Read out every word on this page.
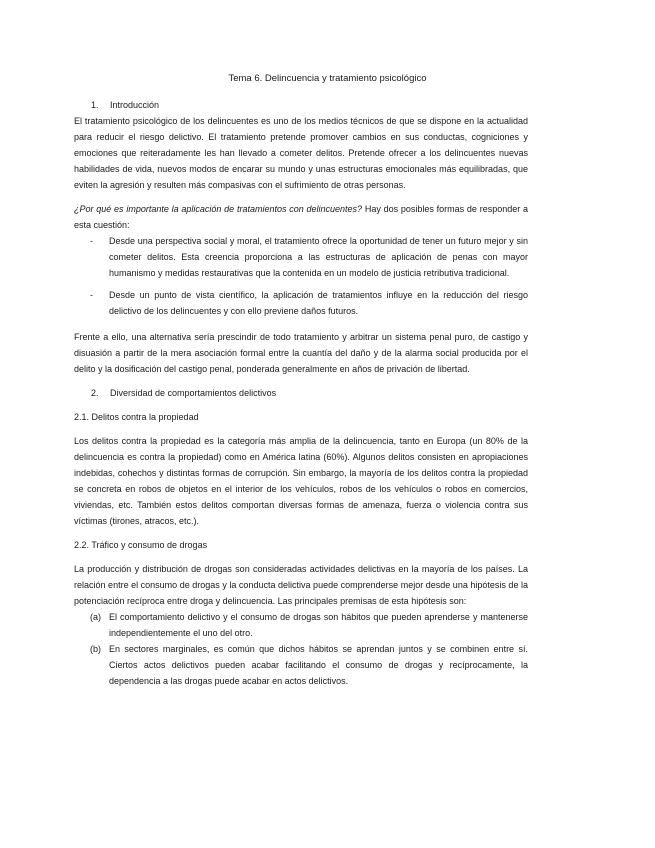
Tema 6. Delincuencia y tratamiento psicológico

1. Introducción

El tratamiento psicológico de los delincuentes es uno de los medios técnicos de que se dispone en la actualidad para reducir el riesgo delictivo. El tratamiento pretende promover cambios en sus conductas, cogniciones y emociones que reiteradamente les han llevado a cometer delitos. Pretende ofrecer a los delincuentes nuevas habilidades de vida, nuevos modos de encarar su mundo y unas estructuras emocionales más equilibradas, que eviten la agresión y resulten más compasivas con el sufrimiento de otras personas.

¿Por qué es importante la aplicación de tratamientos con delincuentes? Hay dos posibles formas de responder a esta cuestión:

- Desde una perspectiva social y moral, el tratamiento ofrece la oportunidad de tener un futuro mejor y sin cometer delitos. Esta creencia proporciona a las estructuras de aplicación de penas con mayor humanismo y medidas restaurativas que la contenida en un modelo de justicia retributiva tradicional.
- Desde un punto de vista científico, la aplicación de tratamientos influye en la reducción del riesgo delictivo de los delincuentes y con ello previene daños futuros.

Frente a ello, una alternativa sería prescindir de todo tratamiento y arbitrar un sistema penal puro, de castigo y disuasión a partir de la mera asociación formal entre la cuantía del daño y de la alarma social producida por el delito y la dosificación del castigo penal, ponderada generalmente en años de privación de libertad.

2. Diversidad de comportamientos delictivos

2.1. Delitos contra la propiedad

Los delitos contra la propiedad es la categoría más amplia de la delincuencia, tanto en Europa (un 80% de la delincuencia es contra la propiedad) como en América latina (60%). Algunos delitos consisten en apropiaciones indebidas, cohechos y distintas formas de corrupción. Sin embargo, la mayoría de los delitos contra la propiedad se concreta en robos de objetos en el interior de los vehículos, robos de los vehículos o robos en comercios, viviendas, etc. También estos delitos comportan diversas formas de amenaza, fuerza o violencia contra sus víctimas (tirones, atracos, etc.).

2.2. Tráfico y consumo de drogas

La producción y distribución de drogas son consideradas actividades delictivas en la mayoría de los países. La relación entre el consumo de drogas y la conducta delictiva puede comprenderse mejor desde una hipótesis de la potenciación recíproca entre droga y delincuencia. Las principales premisas de esta hipótesis son:

(a) El comportamiento delictivo y el consumo de drogas son hábitos que pueden aprenderse y mantenerse independientemente el uno del otro.
(b) En sectores marginales, es común que dichos hábitos se aprendan juntos y se combinen entre sí. Ciertos actos delictivos pueden acabar facilitando el consumo de drogas y recíprocamente, la dependencia a las drogas puede acabar en actos delictivos.
